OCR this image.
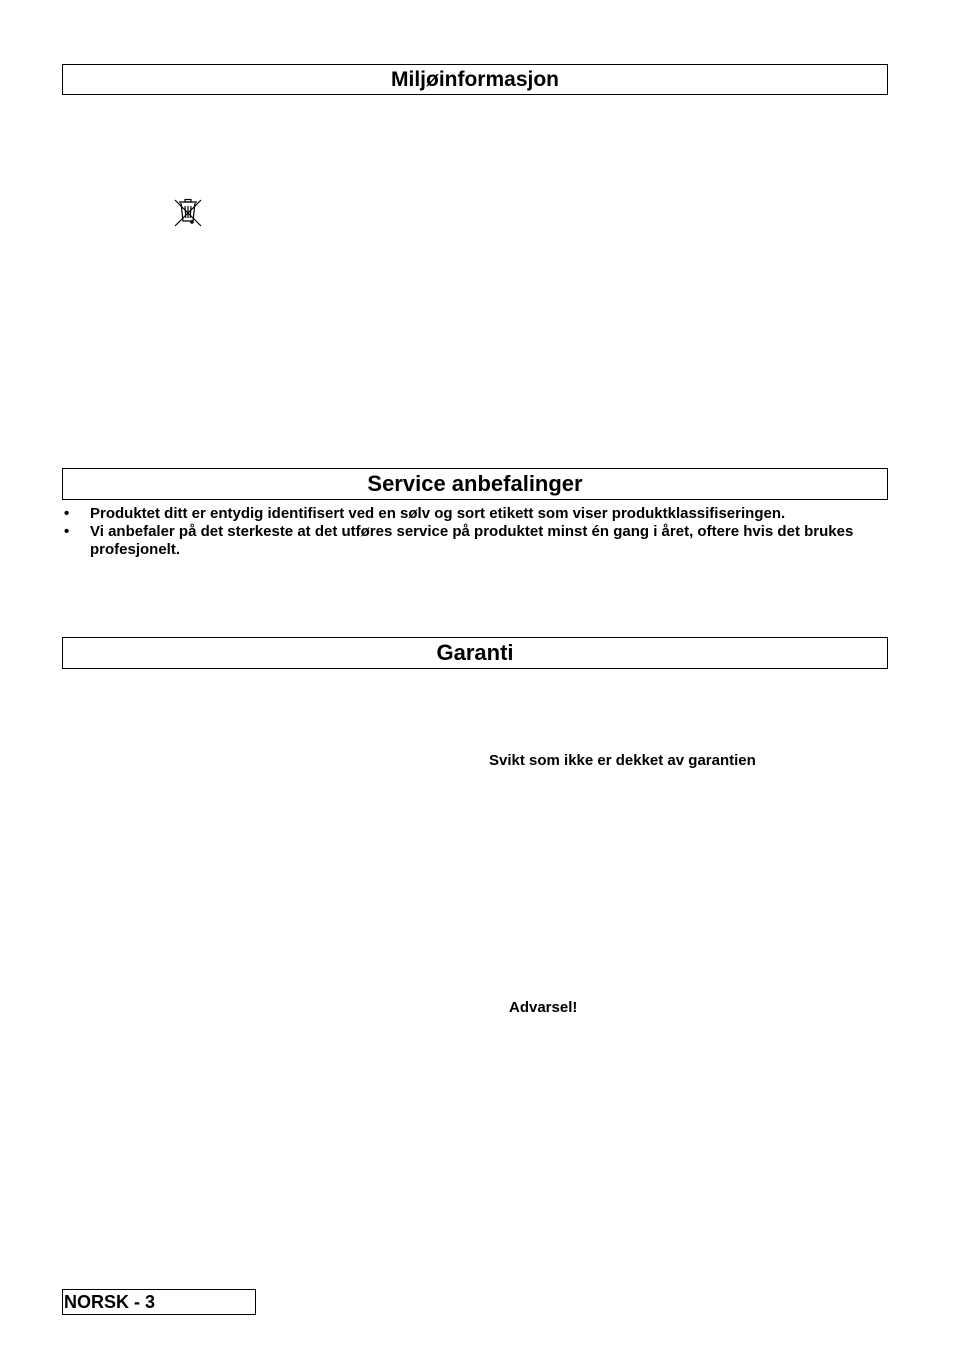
Miljøinformasjon
Service anbefalinger
• Produktet ditt er entydig identifisert ved en sølv og sort etikett som viser produktklassifiseringen.
• Vi anbefaler på det sterkeste at det utføres service på produktet minst én gang i året, oftere hvis det brukes profesjonelt.
Garanti
Svikt som ikke er dekket av garantien
Advarsel!
NORSK - 3
